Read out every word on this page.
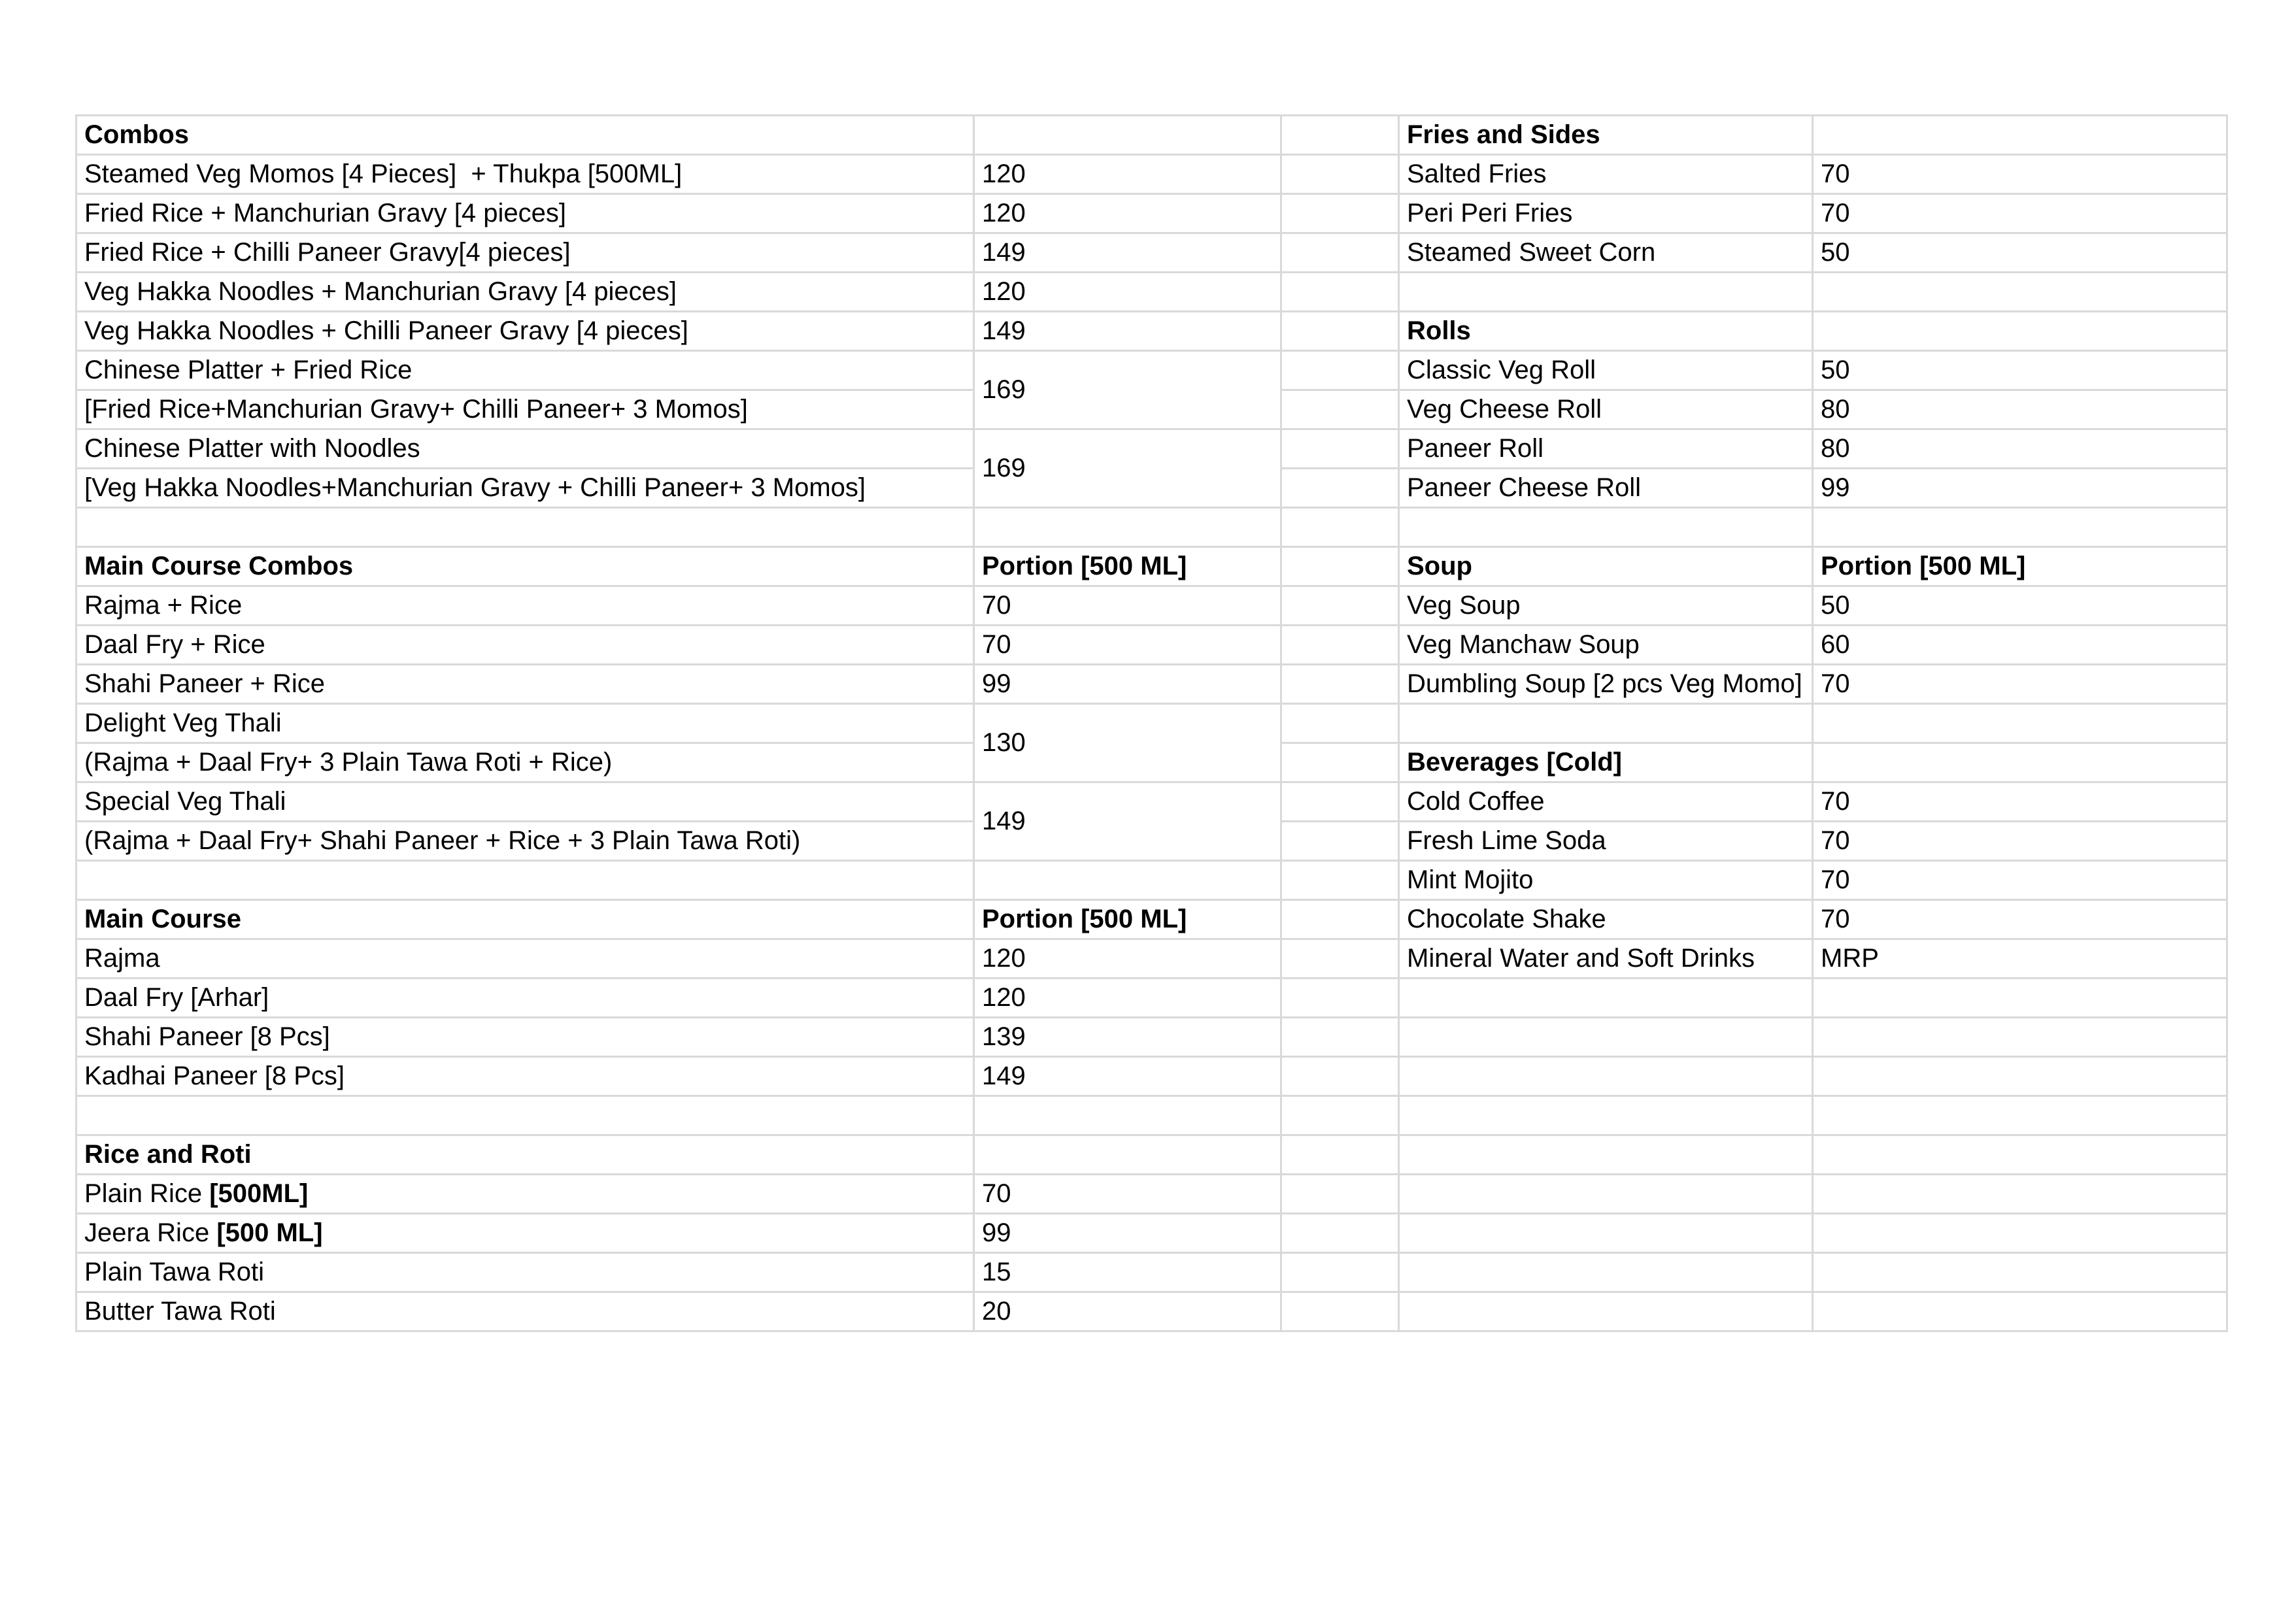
Combos			Fries and Sides	
Steamed Veg Momos [4 Pieces]  + Thukpa [500ML]	120		Salted Fries	70
Fried Rice + Manchurian Gravy [4 pieces]	120		Peri Peri Fries	70
Fried Rice + Chilli Paneer Gravy[4 pieces]	149		Steamed Sweet Corn	50
Veg Hakka Noodles + Manchurian Gravy [4 pieces]	120			
Veg Hakka Noodles + Chilli Paneer Gravy [4 pieces]	149		Rolls	
Chinese Platter + Fried Rice	169		Classic Veg Roll	50
[Fried Rice+Manchurian Gravy+ Chilli Paneer+ 3 Momos]			Veg Cheese Roll	80
Chinese Platter with Noodles	169		Paneer Roll	80
[Veg Hakka Noodles+Manchurian Gravy + Chilli Paneer+ 3 Momos]			Paneer Cheese Roll	99

Main Course Combos	Portion [500 ML]		Soup	Portion [500 ML]
Rajma + Rice	70		Veg Soup	50
Daal Fry + Rice	70		Veg Manchaw Soup	60
Shahi Paneer + Rice	99		Dumbling Soup [2 pcs Veg Momo]	70
Delight Veg Thali	130			
(Rajma + Daal Fry+ 3 Plain Tawa Roti + Rice)			Beverages [Cold]	
Special Veg Thali	149		Cold Coffee	70
(Rajma + Daal Fry+ Shahi Paneer + Rice + 3 Plain Tawa Roti)			Fresh Lime Soda	70
			Mint Mojito	70
Main Course	Portion [500 ML]		Chocolate Shake	70
Rajma	120		Mineral Water and Soft Drinks	MRP
Daal Fry [Arhar]	120			
Shahi Paneer [8 Pcs]	139			
Kadhai Paneer [8 Pcs]	149			

Rice and Roti				
Plain Rice [500ML]	70			
Jeera Rice [500 ML]	99			
Plain Tawa Roti	15			
Butter Tawa Roti	20			
